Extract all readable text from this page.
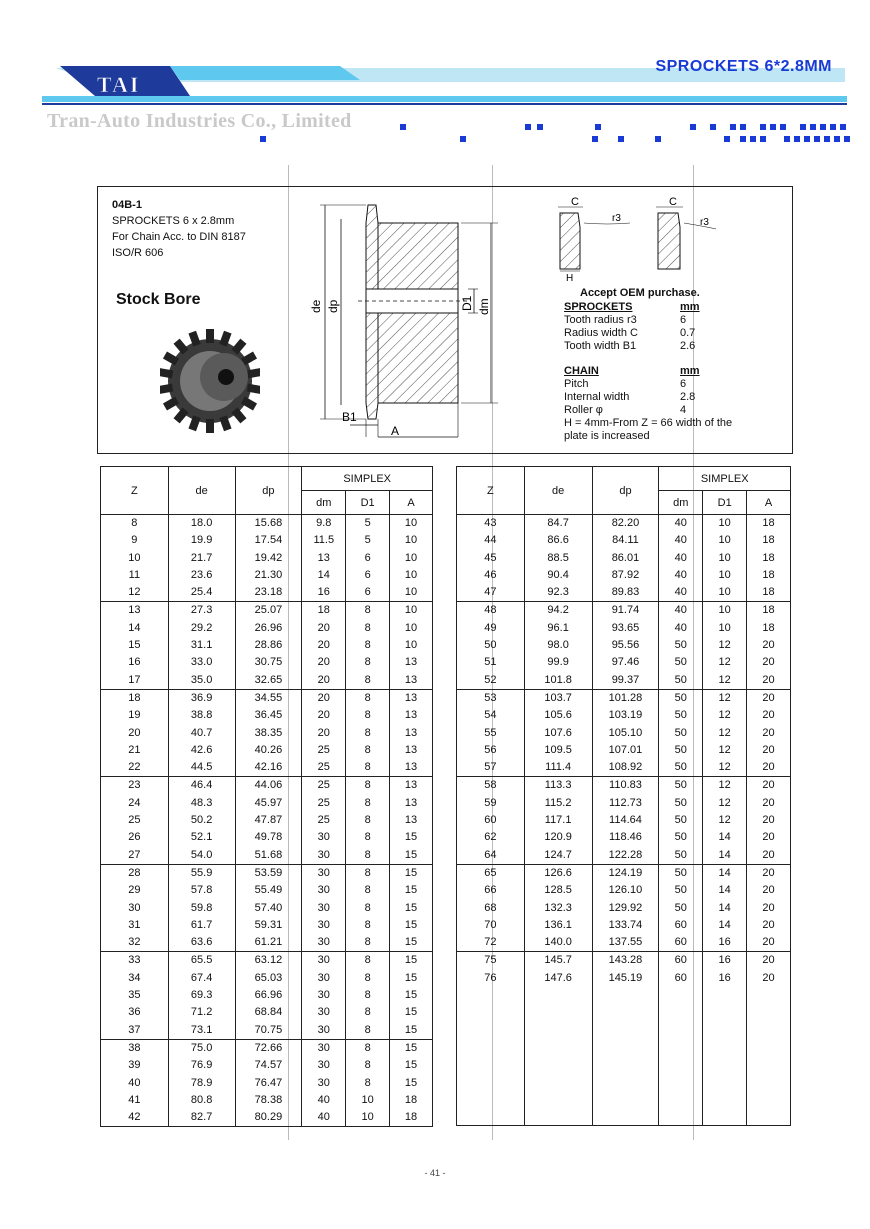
TAI
SPROCKETS 6*2.8MM
Tran-Auto Industries Co., Limited
04B-1
SPROCKETS 6 x 2.8mm
For Chain Acc. to DIN 8187
ISO/R 606
Stock Bore	de dp	D1 dm
B1
A
C	C
r3	r3
H
Accept OEM purchase.
SPROCKETS	mm
Tooth radius r3	6
Radius width C	0.7
Tooth width B1	2.6
CHAIN	mm
Pitch	6
Internal width	2.8
Roller φ	4
H = 4mm-From Z = 66 width of the plate is increased
Z	de	dp	SIMPLEX		
			dm	D1	A
8	18.0	15.68	9.8	5	10
9	19.9	17.54	11.5	5	10
10	21.7	19.42	13	6	10
11	23.6	21.30	14	6	10
12	25.4	23.18	16	6	10
13	27.3	25.07	18	8	10
14	29.2	26.96	20	8	10
15	31.1	28.86	20	8	10
16	33.0	30.75	20	8	13
17	35.0	32.65	20	8	13
18	36.9	34.55	20	8	13
19	38.8	36.45	20	8	13
20	40.7	38.35	20	8	13
21	42.6	40.26	25	8	13
22	44.5	42.16	25	8	13
23	46.4	44.06	25	8	13
24	48.3	45.97	25	8	13
25	50.2	47.87	25	8	13
26	52.1	49.78	30	8	15
27	54.0	51.68	30	8	15
28	55.9	53.59	30	8	15
29	57.8	55.49	30	8	15
30	59.8	57.40	30	8	15
31	61.7	59.31	30	8	15
32	63.6	61.21	30	8	15
33	65.5	63.12	30	8	15
34	67.4	65.03	30	8	15
35	69.3	66.96	30	8	15
36	71.2	68.84	30	8	15
37	73.1	70.75	30	8	15
38	75.0	72.66	30	8	15
39	76.9	74.57	30	8	15
40	78.9	76.47	30	8	15
41	80.8	78.38	40	10	18
42	82.7	80.29	40	10	18
Z	de	dp	SIMPLEX		
			dm	D1	A
43	84.7	82.20	40	10	18
44	86.6	84.11	40	10	18
45	88.5	86.01	40	10	18
46	90.4	87.92	40	10	18
47	92.3	89.83	40	10	18
48	94.2	91.74	40	10	18
49	96.1	93.65	40	10	18
50	98.0	95.56	50	12	20
51	99.9	97.46	50	12	20
52	101.8	99.37	50	12	20
53	103.7	101.28	50	12	20
54	105.6	103.19	50	12	20
55	107.6	105.10	50	12	20
56	109.5	107.01	50	12	20
57	111.4	108.92	50	12	20
58	113.3	110.83	50	12	20
59	115.2	112.73	50	12	20
60	117.1	114.64	50	12	20
62	120.9	118.46	50	14	20
64	124.7	122.28	50	14	20
65	126.6	124.19	50	14	20
66	128.5	126.10	50	14	20
68	132.3	129.92	50	14	20
70	136.1	133.74	60	14	20
72	140.0	137.55	60	16	20
75	145.7	143.28	60	16	20
76	147.6	145.19	60	16	20

- 41 -
